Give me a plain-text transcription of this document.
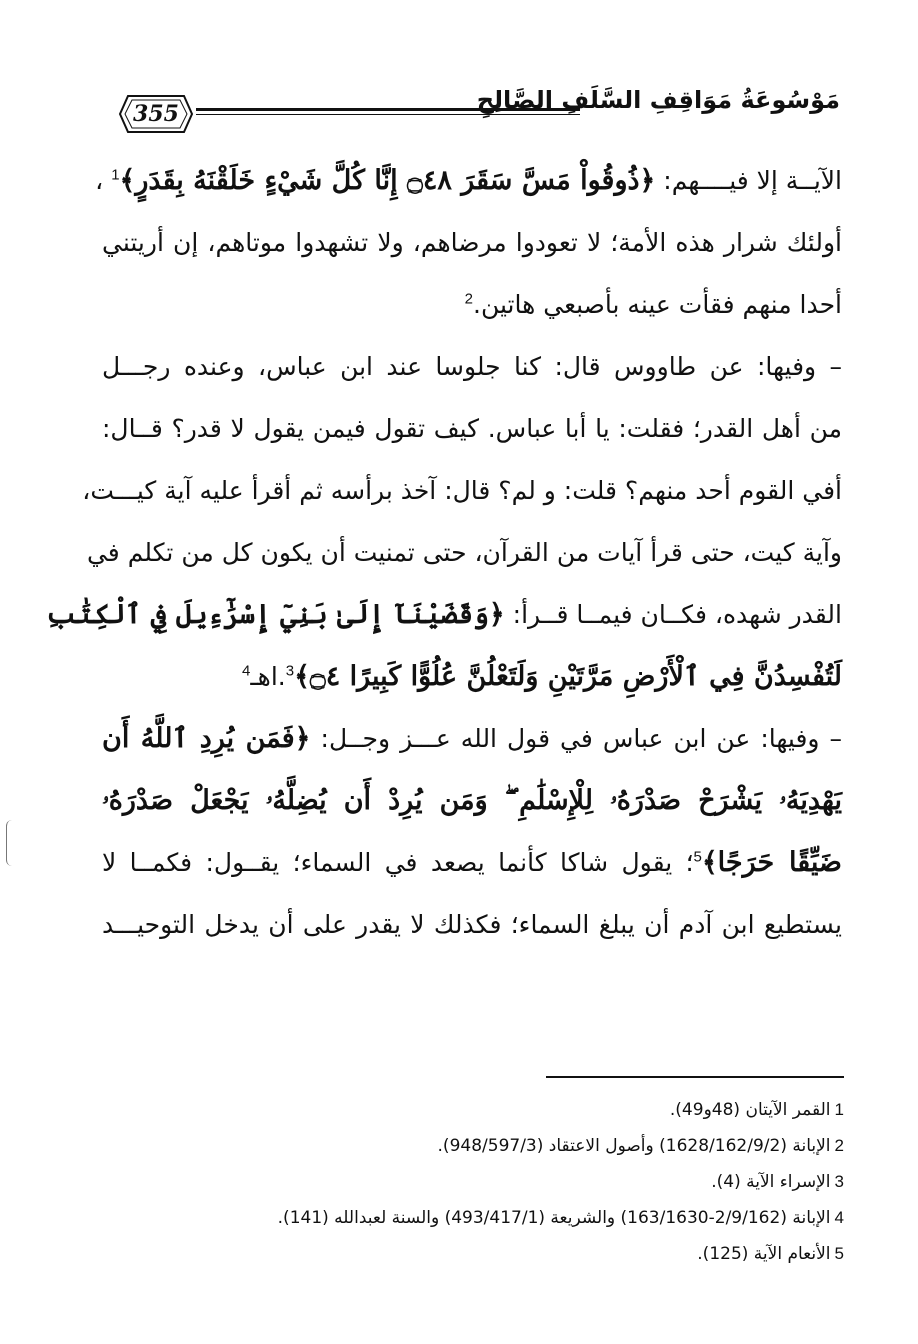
355	مَوْسُوعَةُ مَوَاقِفِ السَّلَفِ الصَّالِحِ
الآيــة إلا فيــــهم: ﴿ذُوقُواْ مَسَّ سَقَرَ ۝٤٨ إِنَّا كُلَّ شَيْءٍ خَلَقْنَهُ بِقَدَرٍ﴾$^1$ ،
أولئك شرار هذه الأمة؛ لا تعودوا مرضاهم، ولا تشهدوا موتاهم، إن أريتني
أحدا منهم فقأت عينه بأصبعي هاتين.$^2$
– وفيها: عن طاووس قال: كنا جلوسا عند ابن عباس، وعنده رجـــل
من أهل القدر؛ فقلت: يا أبا عباس. كيف تقول فيمن يقول لا قدر؟ قــال:
أفي القوم أحد منهم؟ قلت: و لم؟ قال: آخذ برأسه ثم أقرأ عليه آية كيـــت،
وآية كيت، حتى قرأ آيات من القرآن، حتى تمنيت أن يكون كل من تكلم في
القدر شهده، فكــان فيمــا قــرأ: ﴿وَقَضَيْنَآ إِلَىٰ بَنِيٓ إِسْرَٰٓءِيلَ فِي ٱلْكِتَٰبِ
لَتُفْسِدُنَّ فِي ٱلْأَرْضِ مَرَّتَيْنِ وَلَتَعْلُنَّ عُلُوًّا كَبِيرًا ۝٤﴾$^3$.اهـ$^4$
– وفيها: عن ابن عباس في قول الله عـــز وجــل: ﴿فَمَن يُرِدِ ٱللَّهُ أَن
يَهْدِيَهُۥ يَشْرَحْ صَدْرَهُۥ لِلْإِسْلَٰمِ ۖ وَمَن يُرِدْ أَن يُضِلَّهُۥ يَجْعَلْ صَدْرَهُۥ
ضَيِّقًا حَرَجًا﴾$^5$؛ يقول شاكا كأنما يصعد في السماء؛ يقــول: فكمــا لا
يستطيع ابن آدم أن يبلغ السماء؛ فكذلك لا يقدر على أن يدخل التوحيـــد
1القمر الآيتان (48و49).
2الإبانة (1628/162/9/2) وأصول الاعتقاد (948/597/3).
3الإسراء الآية (4).
4الإبانة (2/9/162-163/1630) والشريعة (493/417/1) والسنة لعبدالله (141).
5الأنعام الآية (125).
